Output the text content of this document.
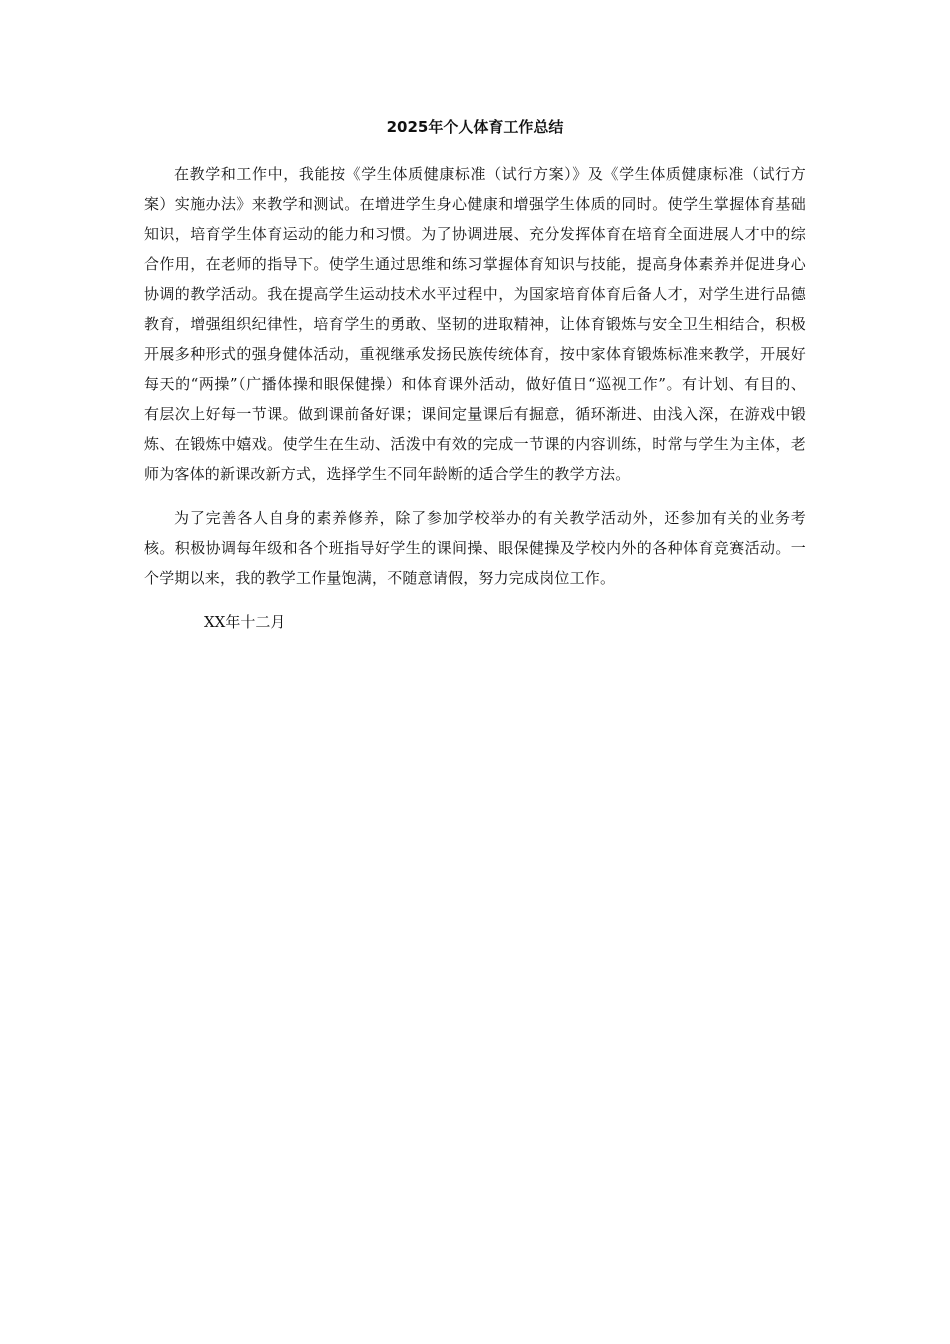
2025年个人体育工作总结

在教学和工作中，我能按《学生体质健康标准（试行方案）》及《学生体质健康标准（试行方案）实施办法》来教学和测试。在增进学生身心健康和增强学生体质的同时。使学生掌握体育基础知识，培育学生体育运动的能力和习惯。为了协调进展、充分发挥体育在培育全面进展人才中的综合作用，在老师的指导下。使学生通过思维和练习掌握体育知识与技能，提高身体素养并促进身心协调的教学活动。我在提高学生运动技术水平过程中，为国家培育体育后备人才，对学生进行品德教育，增强组织纪律性，培育学生的勇敢、坚韧的进取精神，让体育锻炼与安全卫生相结合，积极开展多种形式的强身健体活动，重视继承发扬民族传统体育，按中家体育锻炼标准来教学，开展好每天的“两操”（广播体操和眼保健操）和体育课外活动，做好值日“巡视工作”。有计划、有目的、有层次上好每一节课。做到课前备好课；课间定量课后有掘意，循环渐进、由浅入深，在游戏中锻炼、在锻炼中嬉戏。使学生在生动、活泼中有效的完成一节课的内容训练，时常与学生为主体，老师为客体的新课改新方式，选择学生不同年龄断的适合学生的教学方法。

为了完善各人自身的素养修养，除了参加学校举办的有关教学活动外，还参加有关的业务考核。积极协调每年级和各个班指导好学生的课间操、眼保健操及学校内外的各种体育竞赛活动。一个学期以来，我的教学工作量饱满，不随意请假，努力完成岗位工作。

XX年十二月
